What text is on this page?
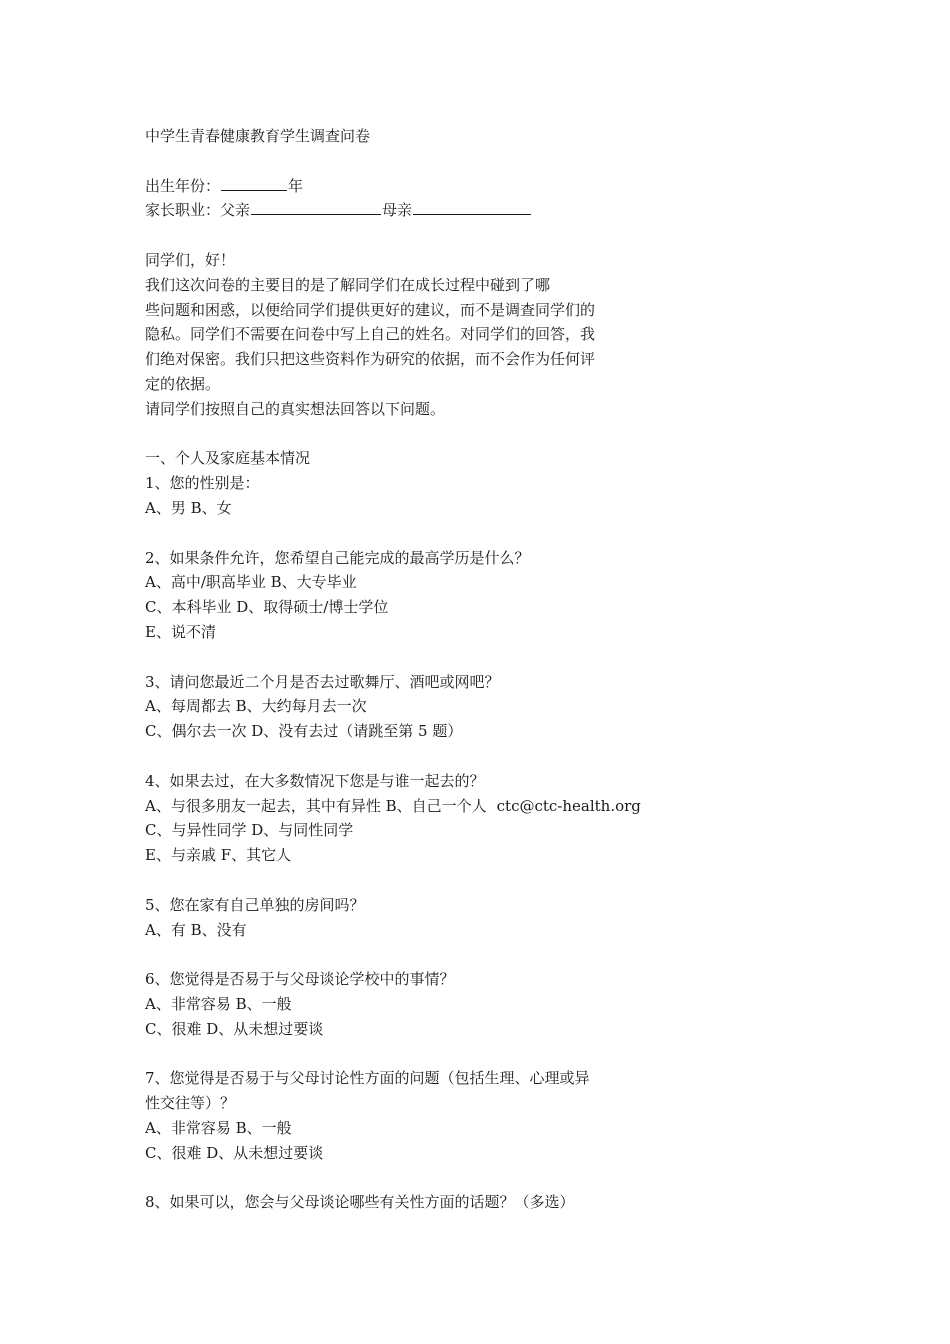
中学生青春健康教育学生调查问卷
出生年份：	年
家长职业：父亲	母亲
同学们，好！
我们这次问卷的主要目的是了解同学们在成长过程中碰到了哪
些问题和困惑，以便给同学们提供更好的建议，而不是调查同学们的
隐私。同学们不需要在问卷中写上自己的姓名。对同学们的回答，我
们绝对保密。我们只把这些资料作为研究的依据，而不会作为任何评
定的依据。
请同学们按照自己的真实想法回答以下问题。
一、个人及家庭基本情况
1、您的性别是：
A、男 B、女
2、如果条件允许，您希望自己能完成的最高学历是什么？
A、高中/职高毕业 B、大专毕业
C、本科毕业 D、取得硕士/博士学位
E、说不清
3、请问您最近二个月是否去过歌舞厅、酒吧或网吧？
A、每周都去 B、大约每月去一次
C、偶尔去一次 D、没有去过（请跳至第 5 题）
4、如果去过，在大多数情况下您是与谁一起去的？
A、与很多朋友一起去，其中有异性 B、自己一个人 ctc@ctc-health.org
C、与异性同学 D、与同性同学
E、与亲戚 F、其它人
5、您在家有自己单独的房间吗？
A、有 B、没有
6、您觉得是否易于与父母谈论学校中的事情？
A、非常容易 B、一般
C、很难 D、从未想过要谈
7、您觉得是否易于与父母讨论性方面的问题（包括生理、心理或异
性交往等）？
A、非常容易 B、一般
C、很难 D、从未想过要谈
8、如果可以，您会与父母谈论哪些有关性方面的话题？（多选）
